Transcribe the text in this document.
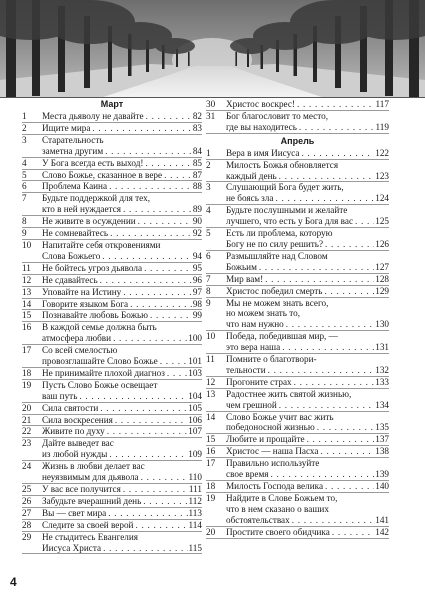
Март
1	Места дьяволу не давайте . . .	82
2	Ищите мира . . .	83
3	Старательность
заметна другим . . .	84
4	У Бога всегда есть выход! . . .	85
5	Слово Божье, сказанное в вере . . .	87
6	Проблема Каина . . .	88
7	Будьте поддержкой для тех,
кто в ней нуждается . . .	89
8	Не живите в осуждении . . .	90
9	Не сомневайтесь . . .	92
10	Напитайте себя откровениями
Слова Божьего . . .	94
11	Не бойтесь угроз дьявола . . .	95
12	Не сдавайтесь . . .	96
13	Уповайте на Истину . . .	97
14	Говорите языком Бога . . .	98
15	Познавайте любовь Божью . . .	99
16	В каждой семье должна быть
атмосфера любви . . .	100
17	Со всей смелостью
провозглашайте Слово Божье . . .	101
18	Не принимайте плохой диагноз . . .	103
19	Пусть Слово Божье освещает
ваш путь . . .	104
20	Сила святости . . .	105
21	Сила воскресения . . .	106
22	Живите по духу . . .	107
23	Дайте выведет вас
из любой нужды . . .	109
24	Жизнь в любви делает вас
неуязвимым для дьявола . . .	110
25	У вас все получится . . .	111
26	Забудьте вчерашний день . . .	112
27	Вы — свет мира . . .	113
28	Следите за своей верой . . .	114
29	Не стыдитесь Евангелия
Иисуса Христа . . .	115
30	Христос воскрес! . . .	117
31	Бог благословит то место,
где вы находитесь . . .	119
Апрель
1	Вера в имя Иисуса . . .	122
2	Милость Божья обновляется
каждый день . . .	123
3	Слушающий Бога будет жить,
не боясь зла . . .	124
4	Будьте послушными и желайте
лучшего, что есть у Бога для вас . . . 125
5	Есть ли проблема, которую
Богу не по силу решить? . . .	126
6	Размышляйте над Словом
Божьим . . .	127
7	Мир вам! . . .	128
8	Христос победил смерть . . .	129
9	Мы не можем знать всего,
но можем знать то,
что нам нужно . . .	130
10	Победа, победившая мир, —
это вера наша . . .	131
11	Помните о благотвори-
тельности . . .	132
12	Прогоните страх . . .	133
13	Радостнее жить святой жизнью,
чем грешной . . .	134
14	Слово Божье учит вас жить
победоносной жизнью . . .	135
15	Любите и прощайте . . .	137
16	Христос — наша Пасха . . .	138
17	Правильно используйте
свое время . . .	139
18	Милость Господа велика . . .	140
19	Найдите в Слове Божьем то,
что в нем сказано о ваших
обстоятельствах . . .	141
20	Простите своего обидчика . . .	142
4
